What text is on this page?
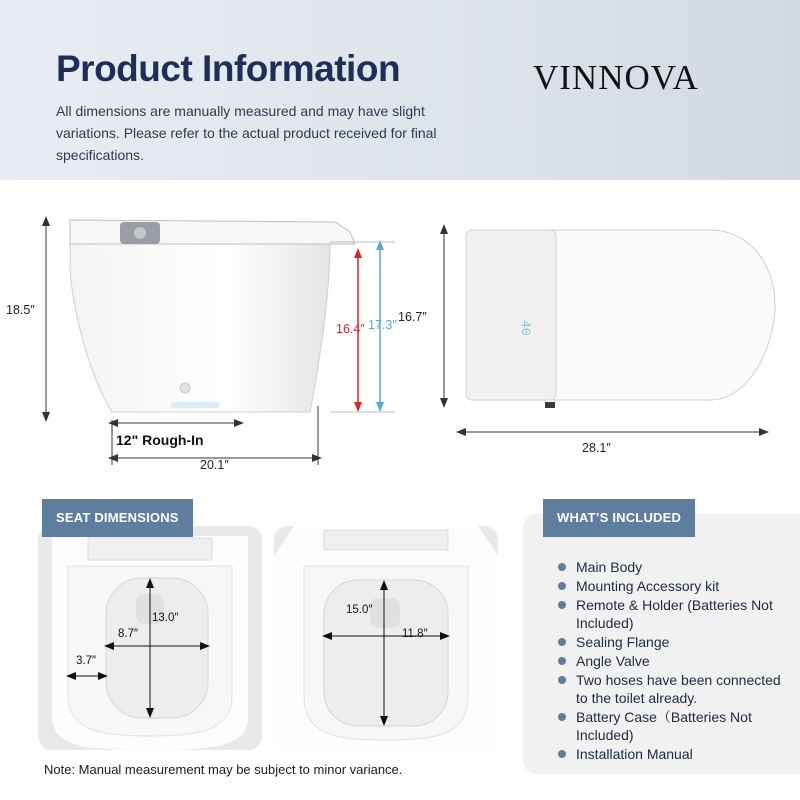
Product Information
All dimensions are manually measured and may have slight variations. Please refer to the actual product received for final specifications.
VINNOVA
18.5″
16.4″ 17.3″
12" Rough-In
20.1″
40
16.7″
28.1″
SEAT DIMENSIONS
13.0″
8.7″
3.7″
15.0″
11.8″
WHAT’S INCLUDED
Main Body
Mounting Accessory kit
Remote & Holder (Batteries Not Included)
Sealing Flange
Angle Valve
Two hoses have been connected to the toilet already.
Battery Case（Batteries Not Included)
Installation Manual
Note: Manual measurement may be subject to minor variance.
